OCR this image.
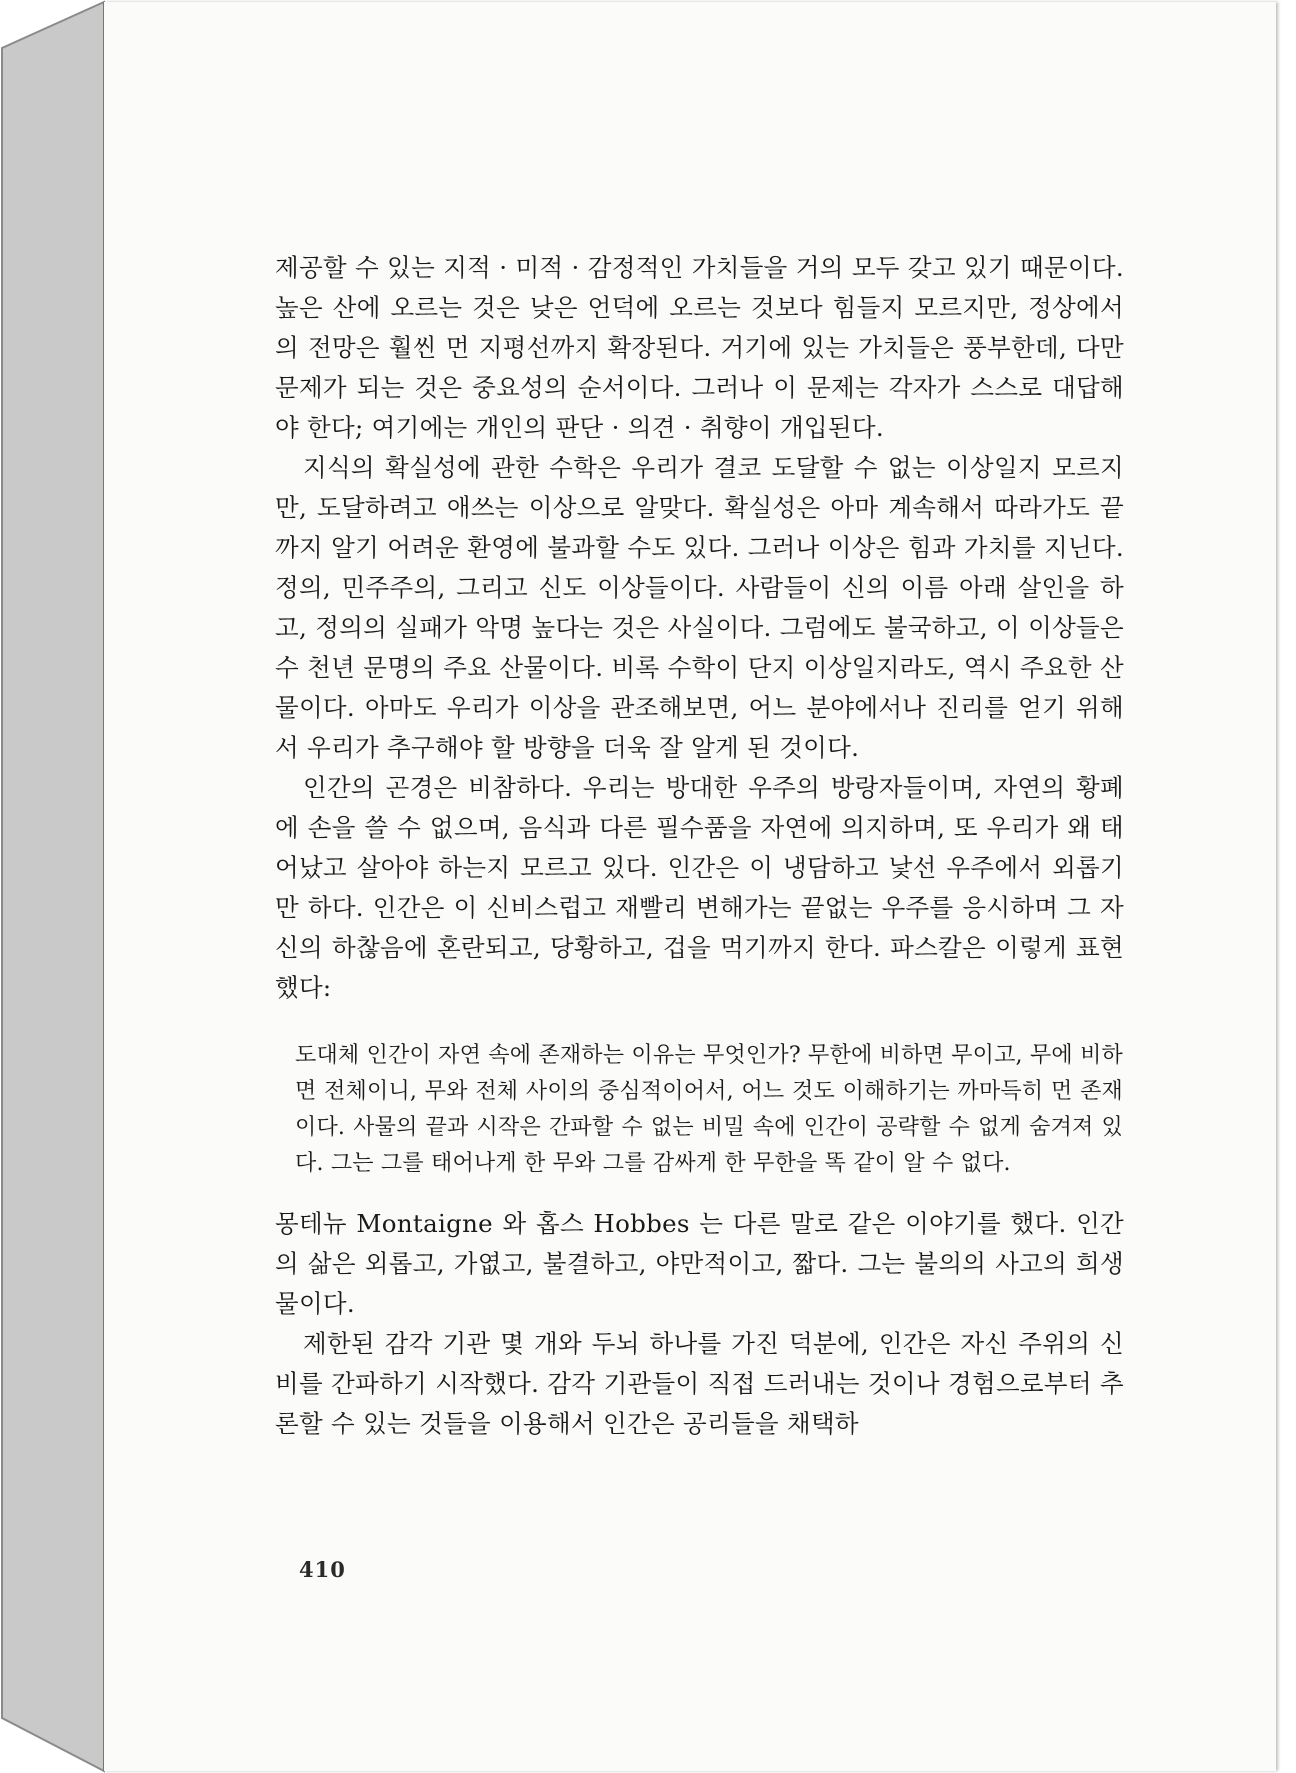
제공할 수 있는 지적 · 미적 · 감정적인 가치들을 거의 모두 갖고 있기 때문이다. 높은 산에 오르는 것은 낮은 언덕에 오르는 것보다 힘들지 모르지만, 정상에서의 전망은 훨씬 먼 지평선까지 확장된다. 거기에 있는 가치들은 풍부한데, 다만 문제가 되는 것은 중요성의 순서이다. 그러나 이 문제는 각자가 스스로 대답해야 한다; 여기에는 개인의 판단 · 의견 · 취향이 개입된다.

지식의 확실성에 관한 수학은 우리가 결코 도달할 수 없는 이상일지 모르지만, 도달하려고 애쓰는 이상으로 알맞다. 확실성은 아마 계속해서 따라가도 끝까지 알기 어려운 환영에 불과할 수도 있다. 그러나 이상은 힘과 가치를 지닌다. 정의, 민주주의, 그리고 신도 이상들이다. 사람들이 신의 이름 아래 살인을 하고, 정의의 실패가 악명 높다는 것은 사실이다. 그럼에도 불국하고, 이 이상들은 수 천년 문명의 주요 산물이다. 비록 수학이 단지 이상일지라도, 역시 주요한 산물이다. 아마도 우리가 이상을 관조해보면, 어느 분야에서나 진리를 얻기 위해서 우리가 추구해야 할 방향을 더욱 잘 알게 된 것이다.

인간의 곤경은 비참하다. 우리는 방대한 우주의 방랑자들이며, 자연의 황폐에 손을 쓸 수 없으며, 음식과 다른 필수품을 자연에 의지하며, 또 우리가 왜 태어났고 살아야 하는지 모르고 있다. 인간은 이 냉담하고 낯선 우주에서 외롭기만 하다. 인간은 이 신비스럽고 재빨리 변해가는 끝없는 우주를 응시하며 그 자신의 하찮음에 혼란되고, 당황하고, 겁을 먹기까지 한다. 파스칼은 이렇게 표현했다:

도대체 인간이 자연 속에 존재하는 이유는 무엇인가? 무한에 비하면 무이고, 무에 비하면 전체이니, 무와 전체 사이의 중심적이어서, 어느 것도 이해하기는 까마득히 먼 존재이다. 사물의 끝과 시작은 간파할 수 없는 비밀 속에 인간이 공략할 수 없게 숨겨져 있다. 그는 그를 태어나게 한 무와 그를 감싸게 한 무한을 똑 같이 알 수 없다.

몽테뉴 Montaigne 와 홉스 Hobbes 는 다른 말로 같은 이야기를 했다. 인간의 삶은 외롭고, 가엾고, 불결하고, 야만적이고, 짧다. 그는 불의의 사고의 희생물이다.

제한된 감각 기관 몇 개와 두뇌 하나를 가진 덕분에, 인간은 자신 주위의 신비를 간파하기 시작했다. 감각 기관들이 직접 드러내는 것이나 경험으로부터 추론할 수 있는 것들을 이용해서 인간은 공리들을 채택하

410
